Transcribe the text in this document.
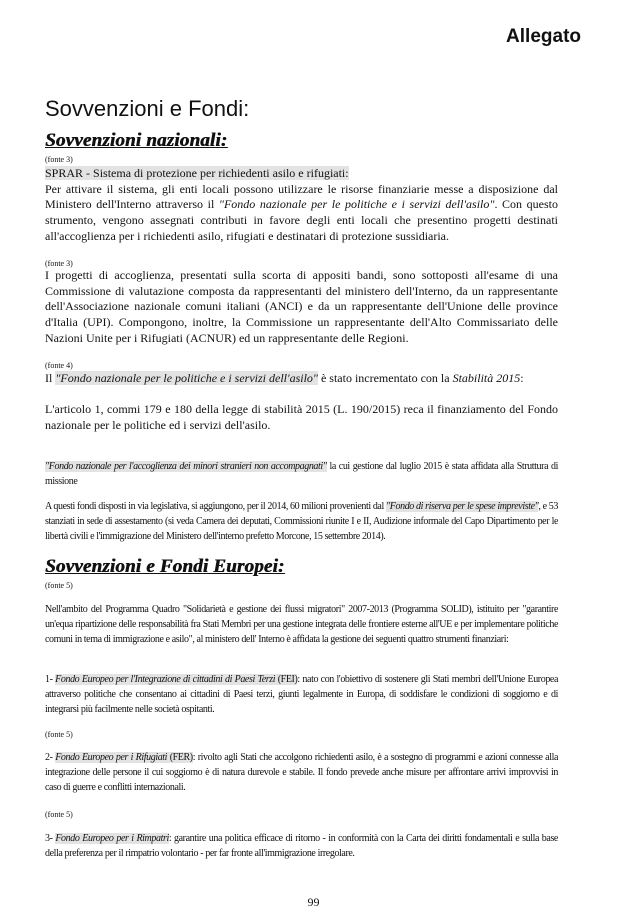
Allegato
Sovvenzioni e Fondi:
Sovvenzioni nazionali:
(fonte 3)
SPRAR - Sistema di protezione per richiedenti asilo e rifugiati:
Per attivare il sistema, gli enti locali possono utilizzare le risorse finanziarie messe a disposizione dal Ministero dell'Interno attraverso il "Fondo nazionale per le politiche e i servizi dell'asilo". Con questo strumento, vengono assegnati contributi in favore degli enti locali che presentino progetti destinati all'accoglienza per i richiedenti asilo, rifugiati e destinatari di protezione sussidiaria.
(fonte 3)
I progetti di accoglienza, presentati sulla scorta di appositi bandi, sono sottoposti all'esame di una Commissione di valutazione composta da rappresentanti del ministero dell'Interno, da un rappresentante dell'Associazione nazionale comuni italiani (ANCI) e da un rappresentante dell'Unione delle province d'Italia (UPI). Compongono, inoltre, la Commissione un rappresentante dell'Alto Commissariato delle Nazioni Unite per i Rifugiati (ACNUR) ed un rappresentante delle Regioni.
(fonte 4)
Il "Fondo nazionale per le politiche e i servizi dell'asilo" è stato incrementato con la Stabilità 2015:
L'articolo 1, commi 179 e 180 della legge di stabilità 2015 (L. 190/2015) reca il finanziamento del Fondo nazionale per le politiche ed i servizi dell'asilo.
"Fondo nazionale per l'accoglienza dei minori stranieri non accompagnati" la cui gestione dal luglio 2015 è stata affidata alla Struttura di missione
A questi fondi disposti in via legislativa, si aggiungono, per il 2014, 60 milioni provenienti dal "Fondo di riserva per le spese impreviste", e 53 stanziati in sede di assestamento (si veda Camera dei deputati, Commissioni riunite I e II, Audizione informale del Capo Dipartimento per le libertà civili e l'immigrazione del Ministero dell'interno prefetto Morcone, 15 settembre 2014).
Sovvenzioni e Fondi Europei:
(fonte 5)
Nell'ambito del Programma Quadro "Solidarietà e gestione dei flussi migratori" 2007-2013 (Programma SOLID), istituito per "garantire un'equa ripartizione delle responsabilità fra Stati Membri per una gestione integrata delle frontiere esterne all'UE e per implementare politiche comuni in tema di immigrazione e asilo", al ministero dell' Interno è affidata la gestione dei seguenti quattro strumenti finanziari:
1- Fondo Europeo per l'Integrazione di cittadini di Paesi Terzi (FEI): nato con l'obiettivo di sostenere gli Stati membri dell'Unione Europea attraverso politiche che consentano ai cittadini di Paesi terzi, giunti legalmente in Europa, di soddisfare le condizioni di soggiorno e di integrarsi più facilmente nelle società ospitanti.
(fonte 5)
2- Fondo Europeo per i Rifugiati (FER): rivolto agli Stati che accolgono richiedenti asilo, è a sostegno di programmi e azioni connesse alla integrazione delle persone il cui soggiorno è di natura durevole e stabile. Il fondo prevede anche misure per affrontare arrivi improvvisi in caso di guerre e conflitti internazionali.
(fonte 5)
3- Fondo Europeo per i Rimpatri: garantire una politica efficace di ritorno - in conformità con la Carta dei diritti fondamentali e sulla base della preferenza per il rimpatrio volontario - per far fronte all'immigrazione irregolare.
99
